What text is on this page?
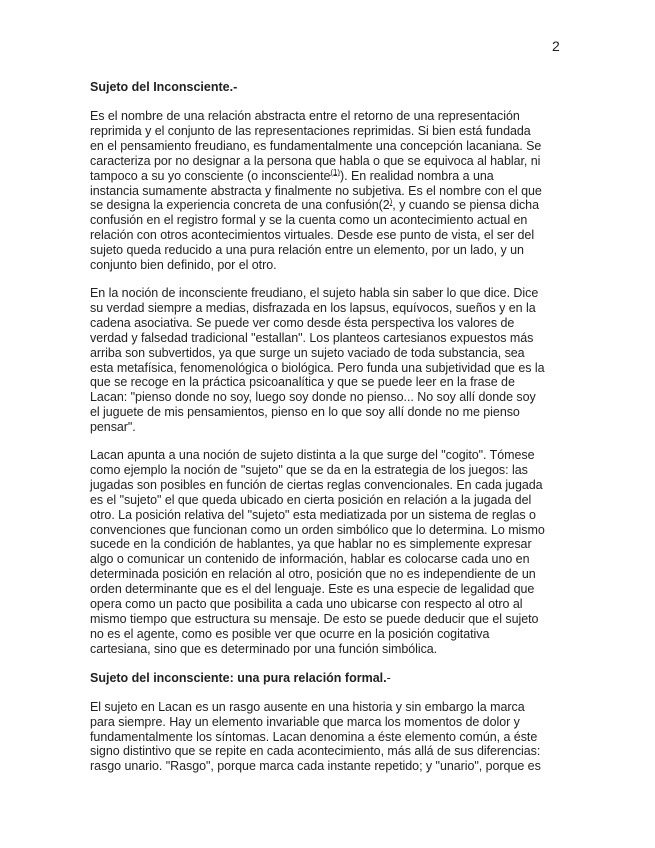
2
Sujeto del Inconsciente.-
Es el nombre de una relación abstracta entre el retorno de una representación
reprimida y el conjunto de las representaciones reprimidas. Si bien está fundada
en el pensamiento freudiano, es fundamentalmente una concepción lacaniana. Se
caracteriza por no designar a la persona que habla o que se equivoca al hablar, ni
tampoco a su yo consciente (o inconsciente$^{(1)}$). En realidad nombra a una
instancia sumamente abstracta y finalmente no subjetiva. Es el nombre con el que
se designa la experiencia concreta de una confusión(2), y cuando se piensa dicha
confusión en el registro formal y se la cuenta como un acontecimiento actual en
relación con otros acontecimientos virtuales. Desde ese punto de vista, el ser del
sujeto queda reducido a una pura relación entre un elemento, por un lado, y un
conjunto bien definido, por el otro.
En la noción de inconsciente freudiano, el sujeto habla sin saber lo que dice. Dice
su verdad siempre a medias, disfrazada en los lapsus, equívocos, sueños y en la
cadena asociativa. Se puede ver como desde ésta perspectiva los valores de
verdad y falsedad tradicional "estallan". Los planteos cartesianos expuestos más
arriba son subvertidos, ya que surge un sujeto vaciado de toda substancia, sea
esta metafísica, fenomenológica o biológica. Pero funda una subjetividad que es la
que se recoge en la práctica psicoanalítica y que se puede leer en la frase de
Lacan: "pienso donde no soy, luego soy donde no pienso... No soy allí donde soy
el juguete de mis pensamientos, pienso en lo que soy allí donde no me pienso
pensar".
Lacan apunta a una noción de sujeto distinta a la que surge del "cogito". Tómese
como ejemplo la noción de "sujeto" que se da en la estrategia de los juegos: las
jugadas son posibles en función de ciertas reglas convencionales. En cada jugada
es el "sujeto" el que queda ubicado en cierta posición en relación a la jugada del
otro. La posición relativa del "sujeto" esta mediatizada por un sistema de reglas o
convenciones que funcionan como un orden simbólico que lo determina. Lo mismo
sucede en la condición de hablantes, ya que hablar no es simplemente expresar
algo o comunicar un contenido de información, hablar es colocarse cada uno en
determinada posición en relación al otro, posición que no es independiente de un
orden determinante que es el del lenguaje. Este es una especie de legalidad que
opera como un pacto que posibilita a cada uno ubicarse con respecto al otro al
mismo tiempo que estructura su mensaje. De esto se puede deducir que el sujeto
no es el agente, como es posible ver que ocurre en la posición cogitativa
cartesiana, sino que es determinado por una función simbólica.
Sujeto del inconsciente: una pura relación formal.-
El sujeto en Lacan es un rasgo ausente en una historia y sin embargo la marca
para siempre. Hay un elemento invariable que marca los momentos de dolor y
fundamentalmente los síntomas. Lacan denomina a éste elemento común, a éste
signo distintivo que se repite en cada acontecimiento, más allá de sus diferencias:
rasgo unario. "Rasgo", porque marca cada instante repetido; y "unario", porque es
